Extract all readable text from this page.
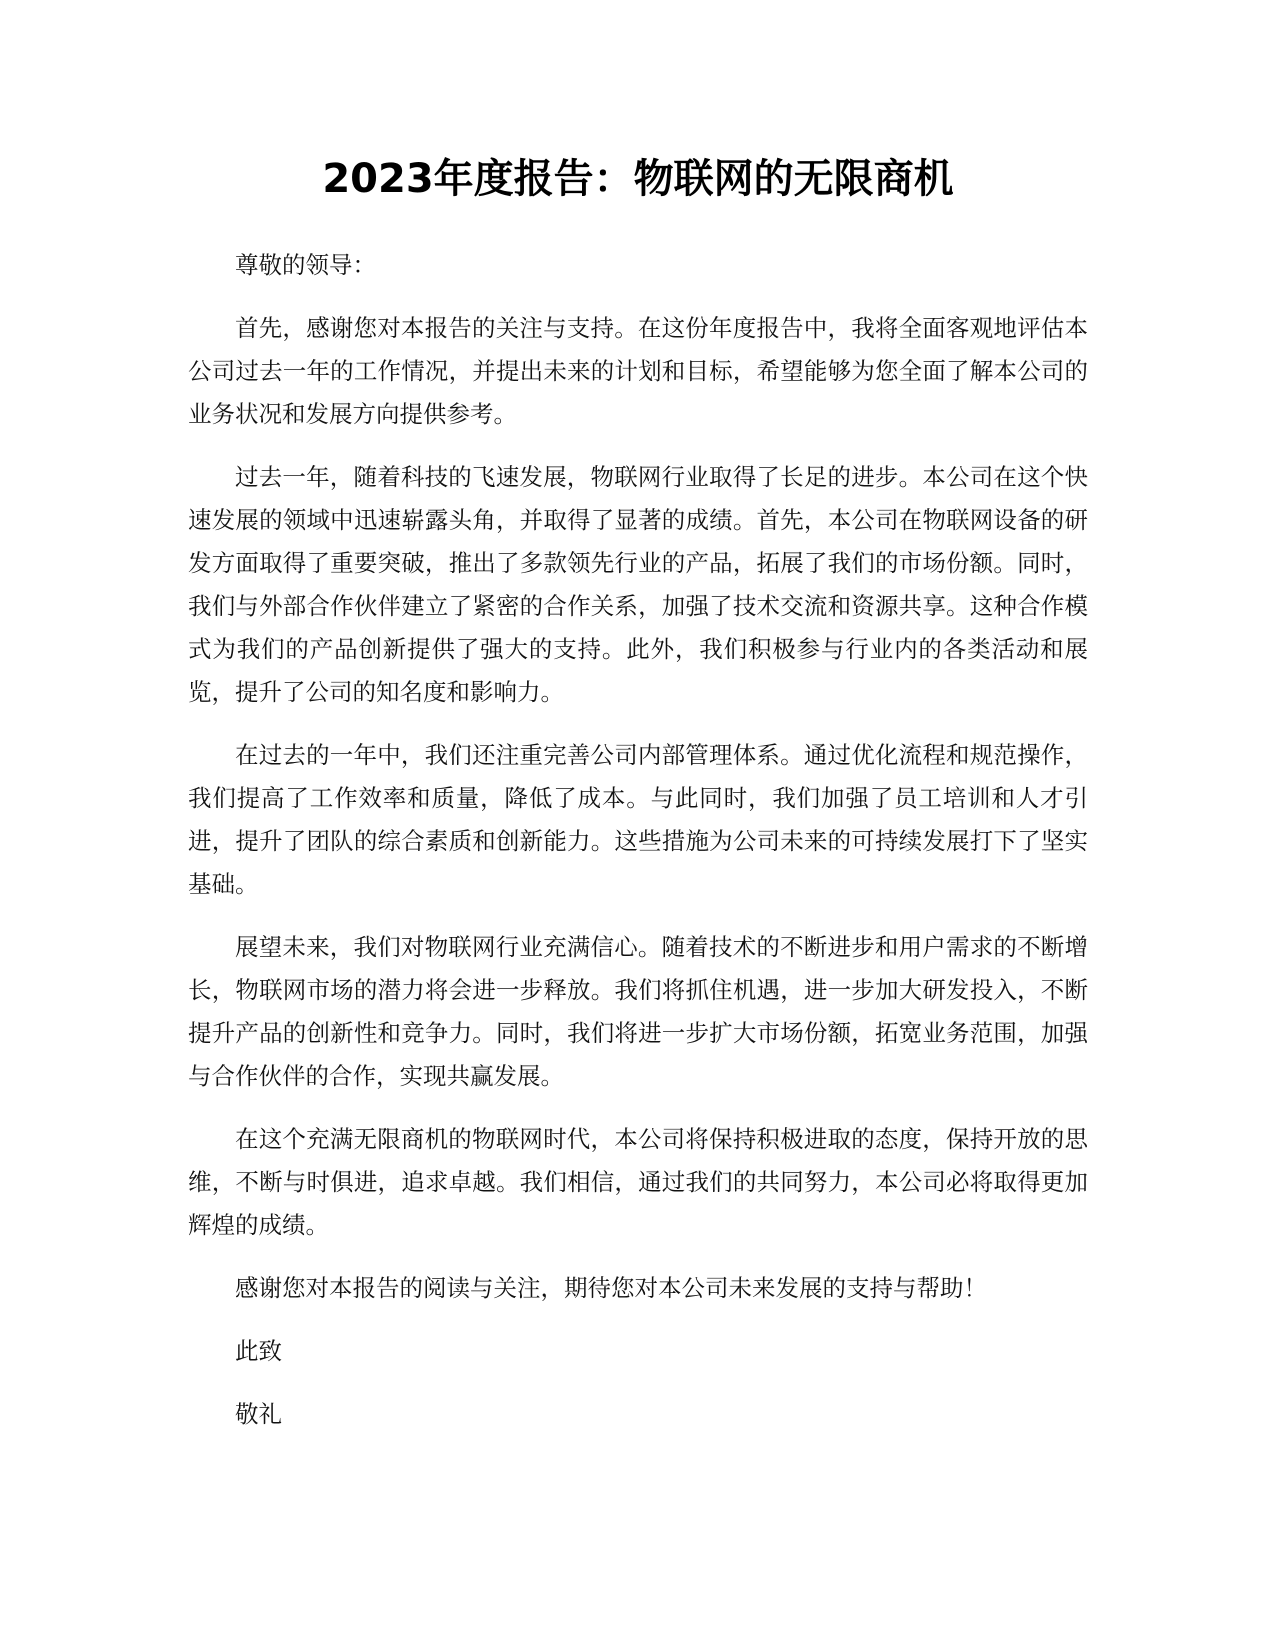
2023年度报告：物联网的无限商机

尊敬的领导：

首先，感谢您对本报告的关注与支持。在这份年度报告中，我将全面客观地评估本公司过去一年的工作情况，并提出未来的计划和目标，希望能够为您全面了解本公司的业务状况和发展方向提供参考。

过去一年，随着科技的飞速发展，物联网行业取得了长足的进步。本公司在这个快速发展的领域中迅速崭露头角，并取得了显著的成绩。首先，本公司在物联网设备的研发方面取得了重要突破，推出了多款领先行业的产品，拓展了我们的市场份额。同时，我们与外部合作伙伴建立了紧密的合作关系，加强了技术交流和资源共享。这种合作模式为我们的产品创新提供了强大的支持。此外，我们积极参与行业内的各类活动和展览，提升了公司的知名度和影响力。

在过去的一年中，我们还注重完善公司内部管理体系。通过优化流程和规范操作，我们提高了工作效率和质量，降低了成本。与此同时，我们加强了员工培训和人才引进，提升了团队的综合素质和创新能力。这些措施为公司未来的可持续发展打下了坚实基础。

展望未来，我们对物联网行业充满信心。随着技术的不断进步和用户需求的不断增长，物联网市场的潜力将会进一步释放。我们将抓住机遇，进一步加大研发投入，不断提升产品的创新性和竞争力。同时，我们将进一步扩大市场份额，拓宽业务范围，加强与合作伙伴的合作，实现共赢发展。

在这个充满无限商机的物联网时代，本公司将保持积极进取的态度，保持开放的思维，不断与时俱进，追求卓越。我们相信，通过我们的共同努力，本公司必将取得更加辉煌的成绩。

感谢您对本报告的阅读与关注，期待您对本公司未来发展的支持与帮助！

此致

敬礼
